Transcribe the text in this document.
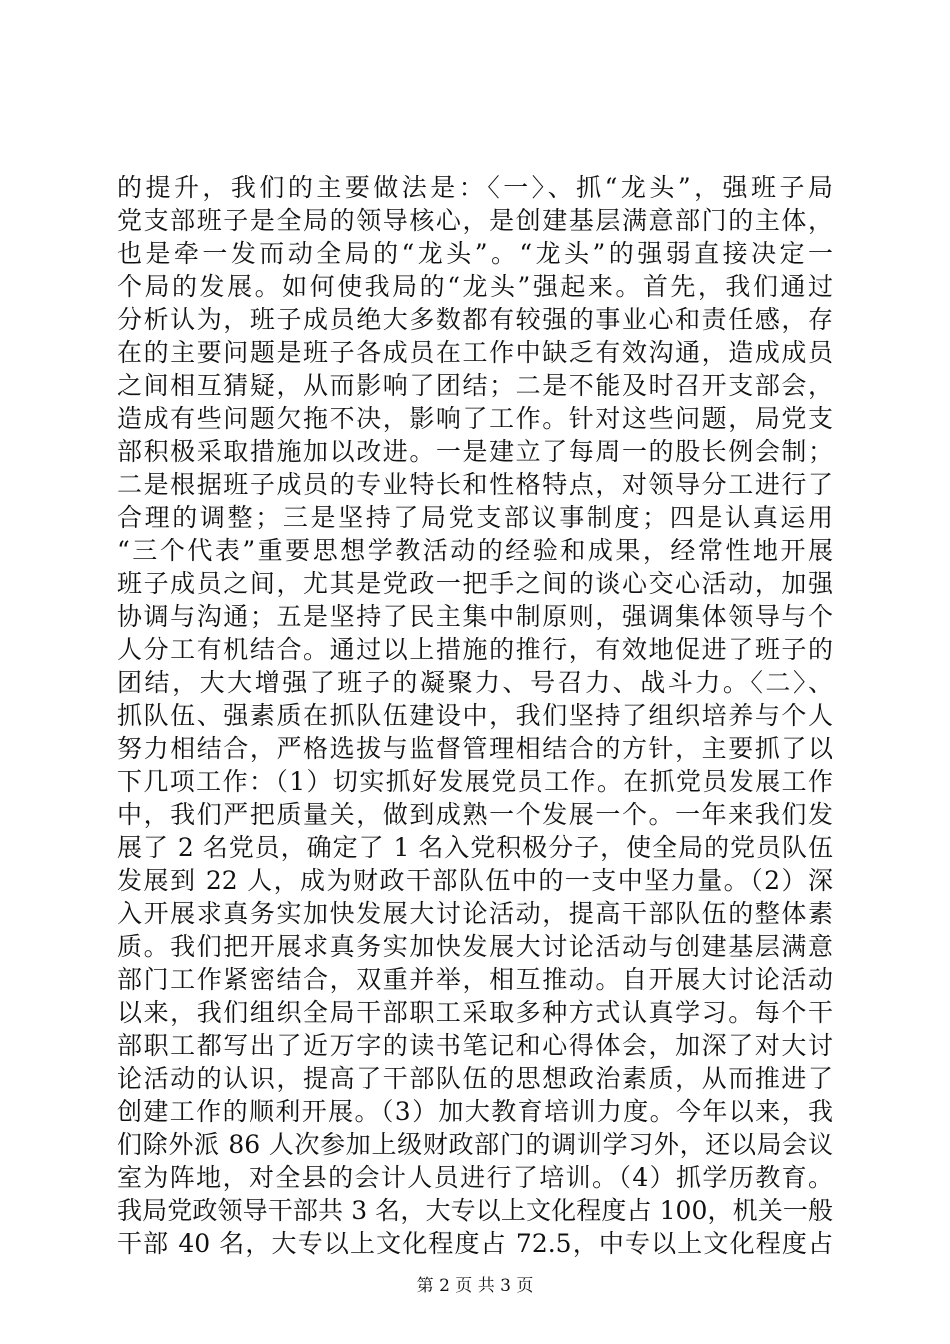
的提升，我们的主要做法是：〈一〉、抓“龙头”，强班子局
党支部班子是全局的领导核心，是创建基层满意部门的主体，
也是牵一发而动全局的“龙头”。“龙头”的强弱直接决定一
个局的发展。如何使我局的“龙头”强起来。首先，我们通过
分析认为，班子成员绝大多数都有较强的事业心和责任感，存
在的主要问题是班子各成员在工作中缺乏有效沟通，造成成员
之间相互猜疑，从而影响了团结；二是不能及时召开支部会，
造成有些问题欠拖不决，影响了工作。针对这些问题，局党支
部积极采取措施加以改进。一是建立了每周一的股长例会制；
二是根据班子成员的专业特长和性格特点，对领导分工进行了
合理的调整；三是坚持了局党支部议事制度；四是认真运用
“三个代表”重要思想学教活动的经验和成果，经常性地开展
班子成员之间，尤其是党政一把手之间的谈心交心活动，加强
协调与沟通；五是坚持了民主集中制原则，强调集体领导与个
人分工有机结合。通过以上措施的推行，有效地促进了班子的
团结，大大增强了班子的凝聚力、号召力、战斗力。〈二〉、
抓队伍、强素质在抓队伍建设中，我们坚持了组织培养与个人
努力相结合，严格选拔与监督管理相结合的方针，主要抓了以
下几项工作：（1）切实抓好发展党员工作。在抓党员发展工作
中，我们严把质量关，做到成熟一个发展一个。一年来我们发
展了 2 名党员，确定了 1 名入党积极分子，使全局的党员队伍
发展到 22 人，成为财政干部队伍中的一支中坚力量。（2）深
入开展求真务实加快发展大讨论活动，提高干部队伍的整体素
质。我们把开展求真务实加快发展大讨论活动与创建基层满意
部门工作紧密结合，双重并举，相互推动。自开展大讨论活动
以来，我们组织全局干部职工采取多种方式认真学习。每个干
部职工都写出了近万字的读书笔记和心得体会，加深了对大讨
论活动的认识，提高了干部队伍的思想政治素质，从而推进了
创建工作的顺利开展。（3）加大教育培训力度。今年以来，我
们除外派 86 人次参加上级财政部门的调训学习外，还以局会议
室为阵地，对全县的会计人员进行了培训。（4）抓学历教育。
我局党政领导干部共 3 名，大专以上文化程度占 100，机关一般
干部 40 名，大专以上文化程度占 72.5，中专以上文化程度占
第 2 页 共 3 页
